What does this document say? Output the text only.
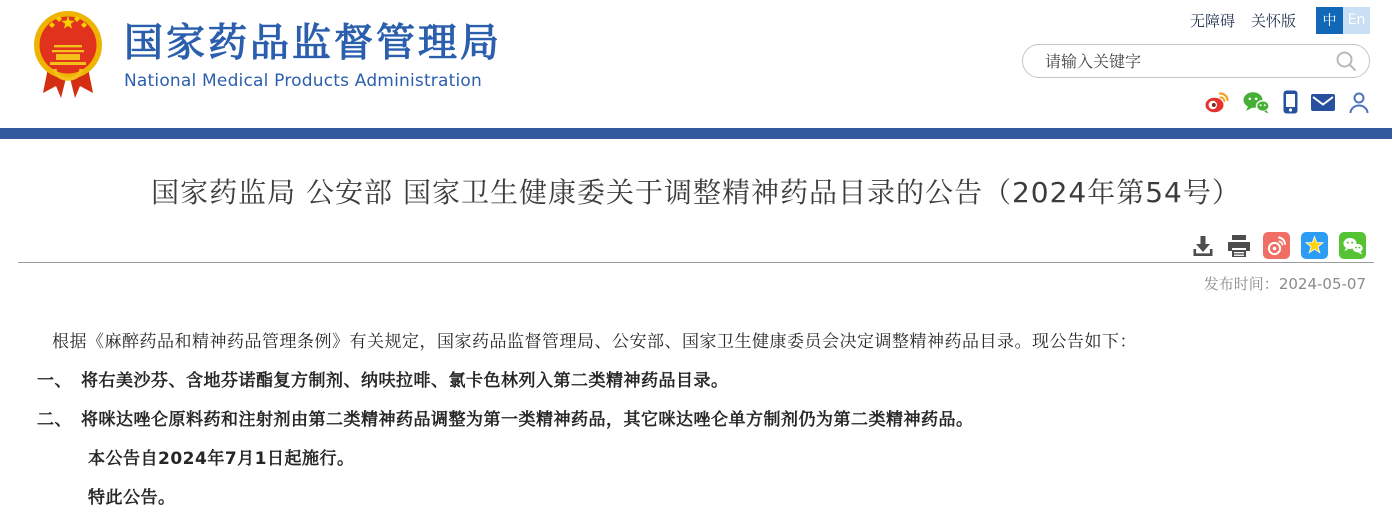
国家药品监督管理局
National Medical Products Administration
无障碍 关怀版	中 En
请输入关键字
国家药监局 公安部 国家卫生健康委关于调整精神药品目录的公告（2024年第54号）
发布时间：2024-05-07

根据《麻醉药品和精神药品管理条例》有关规定，国家药品监督管理局、公安部、国家卫生健康委员会决定调整精神药品目录。现公告如下：

一、　将右美沙芬、含地芬诺酯复方制剂、纳呋拉啡、氯卡色林列入第二类精神药品目录。

二、　将咪达唑仑原料药和注射剂由第二类精神药品调整为第一类精神药品，其它咪达唑仑单方制剂仍为第二类精神药品。

本公告自2024年7月1日起施行。

特此公告。
